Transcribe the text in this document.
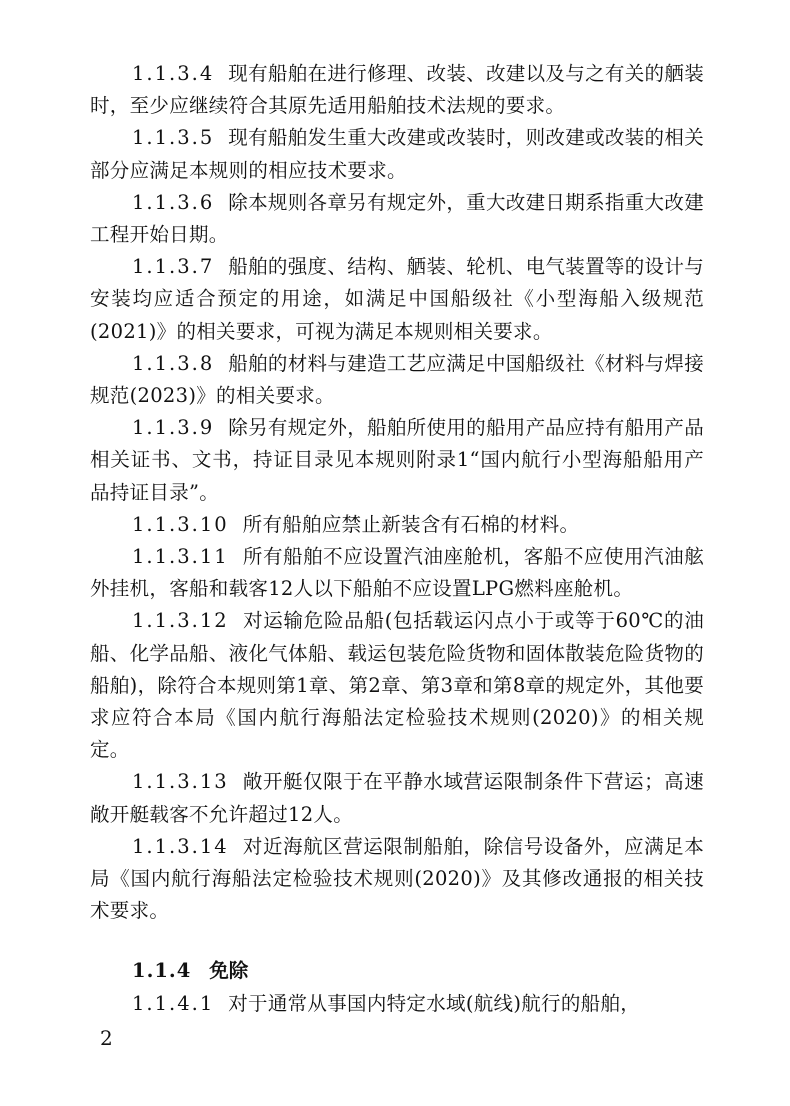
1.1.3.4 现有船舶在进行修理、改装、改建以及与之有关的舾装时，至少应继续符合其原先适用船舶技术法规的要求。

1.1.3.5 现有船舶发生重大改建或改装时，则改建或改装的相关部分应满足本规则的相应技术要求。

1.1.3.6 除本规则各章另有规定外，重大改建日期系指重大改建工程开始日期。

1.1.3.7 船舶的强度、结构、舾装、轮机、电气装置等的设计与安装均应适合预定的用途，如满足中国船级社《小型海船入级规范(2021)》的相关要求，可视为满足本规则相关要求。

1.1.3.8 船舶的材料与建造工艺应满足中国船级社《材料与焊接规范(2023)》的相关要求。

1.1.3.9 除另有规定外，船舶所使用的船用产品应持有船用产品相关证书、文书，持证目录见本规则附录1“国内航行小型海船船用产品持证目录”。

1.1.3.10 所有船舶应禁止新装含有石棉的材料。

1.1.3.11 所有船舶不应设置汽油座舱机，客船不应使用汽油舷外挂机，客船和载客12人以下船舶不应设置LPG燃料座舱机。

1.1.3.12 对运输危险品船(包括载运闪点小于或等于60℃的油船、化学品船、液化气体船、载运包装危险货物和固体散装危险货物的船舶)，除符合本规则第1章、第2章、第3章和第8章的规定外，其他要求应符合本局《国内航行海船法定检验技术规则(2020)》的相关规定。

1.1.3.13 敞开艇仅限于在平静水域营运限制条件下营运；高速敞开艇载客不允许超过12人。

1.1.3.14 对近海航区营运限制船舶，除信号设备外，应满足本局《国内航行海船法定检验技术规则(2020)》及其修改通报的相关技术要求。

1.1.4 免除

1.1.4.1 对于通常从事国内特定水域(航线)航行的船舶，

2
